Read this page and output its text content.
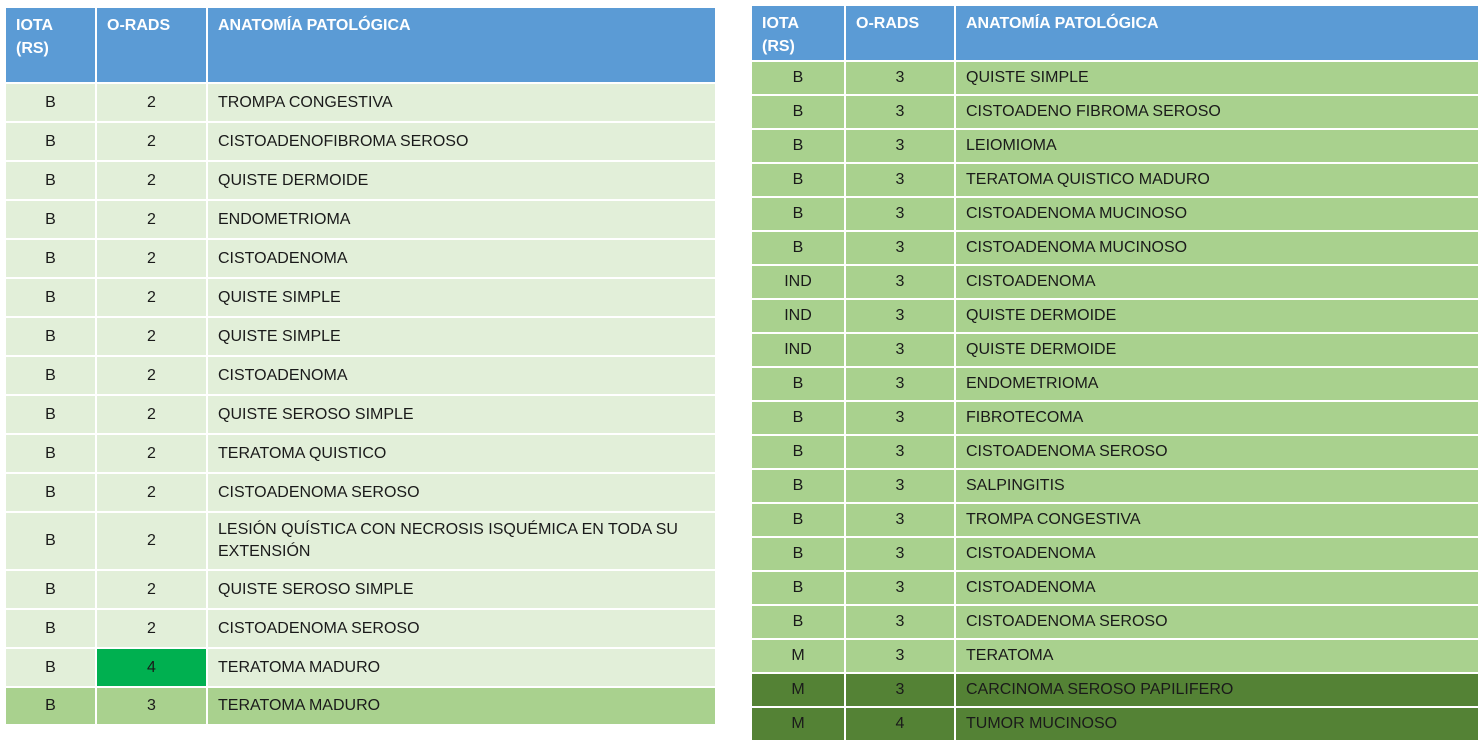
IOTA
(RS)	O-RADS	ANATOMÍA PATOLÓGICA
B	2	TROMPA CONGESTIVA
B	2	CISTOADENOFIBROMA SEROSO
B	2	QUISTE DERMOIDE
B	2	ENDOMETRIOMA
B	2	CISTOADENOMA
B	2	QUISTE SIMPLE
B	2	QUISTE SIMPLE
B	2	CISTOADENOMA
B	2	QUISTE SEROSO SIMPLE
B	2	TERATOMA QUISTICO
B	2	CISTOADENOMA SEROSO
B	2	LESIÓN QUÍSTICA CON NECROSIS ISQUÉMICA EN TODA SU EXTENSIÓN
B	2	QUISTE SEROSO SIMPLE
B	2	CISTOADENOMA SEROSO
B	4	TERATOMA MADURO
B	3	TERATOMA MADURO
IOTA
(RS)	O-RADS	ANATOMÍA PATOLÓGICA
B	3	QUISTE SIMPLE
B	3	CISTOADENO FIBROMA SEROSO
B	3	LEIOMIOMA
B	3	TERATOMA QUISTICO MADURO
B	3	CISTOADENOMA MUCINOSO
B	3	CISTOADENOMA MUCINOSO
IND	3	CISTOADENOMA
IND	3	QUISTE DERMOIDE
IND	3	QUISTE DERMOIDE
B	3	ENDOMETRIOMA
B	3	FIBROTECOMA
B	3	CISTOADENOMA SEROSO
B	3	SALPINGITIS
B	3	TROMPA CONGESTIVA
B	3	CISTOADENOMA
B	3	CISTOADENOMA
B	3	CISTOADENOMA SEROSO
M	3	TERATOMA
M	3	CARCINOMA SEROSO PAPILIFERO
M	4	TUMOR MUCINOSO
